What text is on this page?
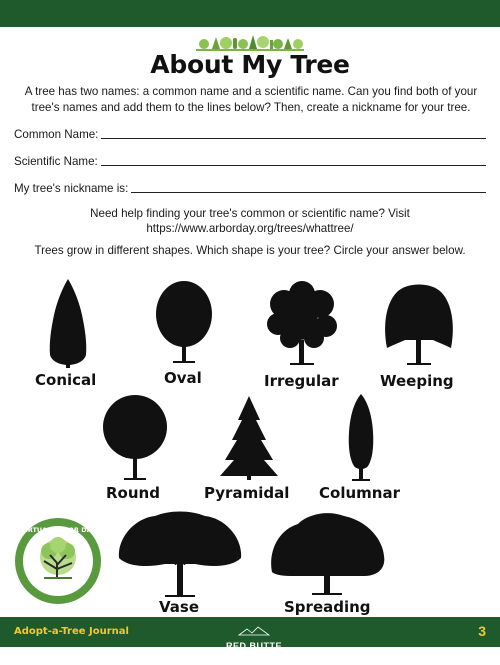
About My Tree
A tree has two names: a common name and a scientific name. Can you find both of your tree's names and add them to the lines below? Then, create a nickname for your tree.
Common Name:
Scientific Name:
My tree's nickname is:
Need help finding your tree's common or scientific name? Visit
https://www.arborday.org/trees/whattree/
Trees grow in different shapes. Which shape is your tree? Circle your answer below.
Conical	Oval	Irregular	Weeping
Round	Pyramidal Columnar
VIRTUAL ARBOR DAY
Vase	Spreading
Adopt-a-Tree Journal
RED BUTTE GARDEN
THE UNIVERSITY OF UTAH
3
